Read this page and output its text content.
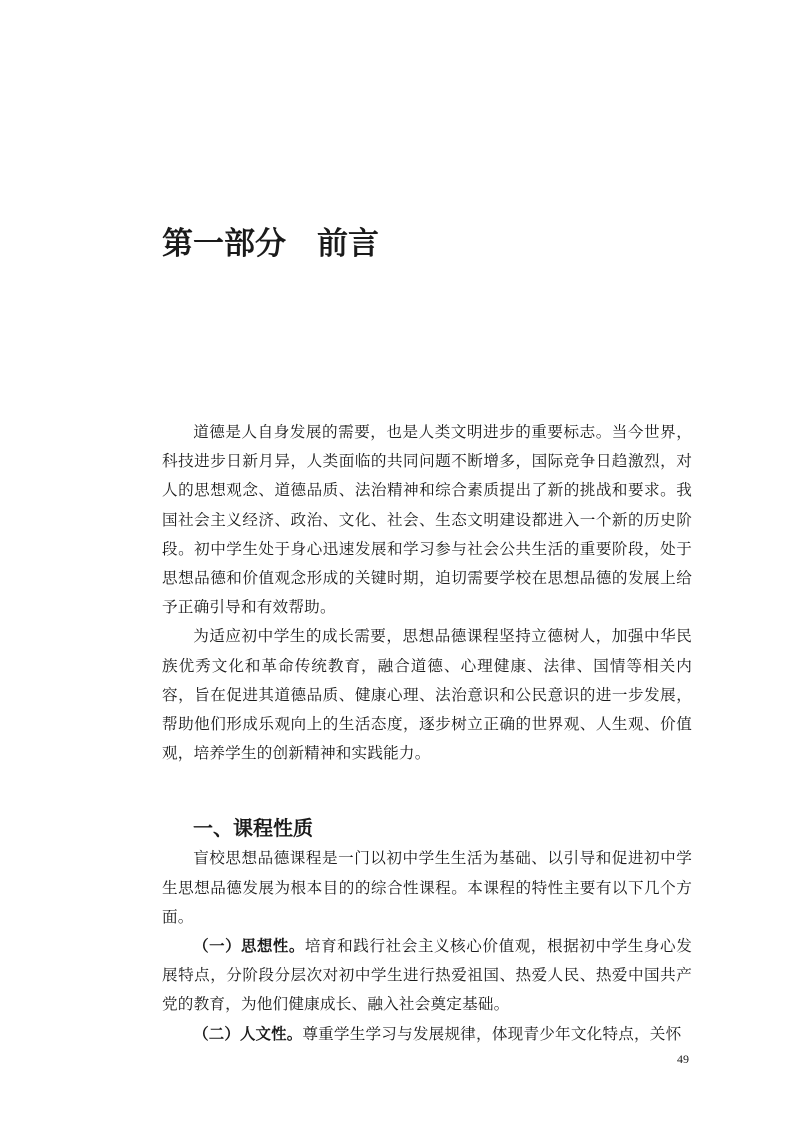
第一部分　前言

道德是人自身发展的需要，也是人类文明进步的重要标志。当今世界，科技进步日新月异，人类面临的共同问题不断增多，国际竞争日趋激烈，对人的思想观念、道德品质、法治精神和综合素质提出了新的挑战和要求。我国社会主义经济、政治、文化、社会、生态文明建设都进入一个新的历史阶段。初中学生处于身心迅速发展和学习参与社会公共生活的重要阶段，处于思想品德和价值观念形成的关键时期，迫切需要学校在思想品德的发展上给予正确引导和有效帮助。

为适应初中学生的成长需要，思想品德课程坚持立德树人，加强中华民族优秀文化和革命传统教育，融合道德、心理健康、法律、国情等相关内容，旨在促进其道德品质、健康心理、法治意识和公民意识的进一步发展，帮助他们形成乐观向上的生活态度，逐步树立正确的世界观、人生观、价值观，培养学生的创新精神和实践能力。

一、课程性质

盲校思想品德课程是一门以初中学生生活为基础、以引导和促进初中学生思想品德发展为根本目的的综合性课程。本课程的特性主要有以下几个方面。

（一）思想性。培育和践行社会主义核心价值观，根据初中学生身心发展特点，分阶段分层次对初中学生进行热爱祖国、热爱人民、热爱中国共产党的教育，为他们健康成长、融入社会奠定基础。

（二）人文性。尊重学生学习与发展规律，体现青少年文化特点，关怀

49
